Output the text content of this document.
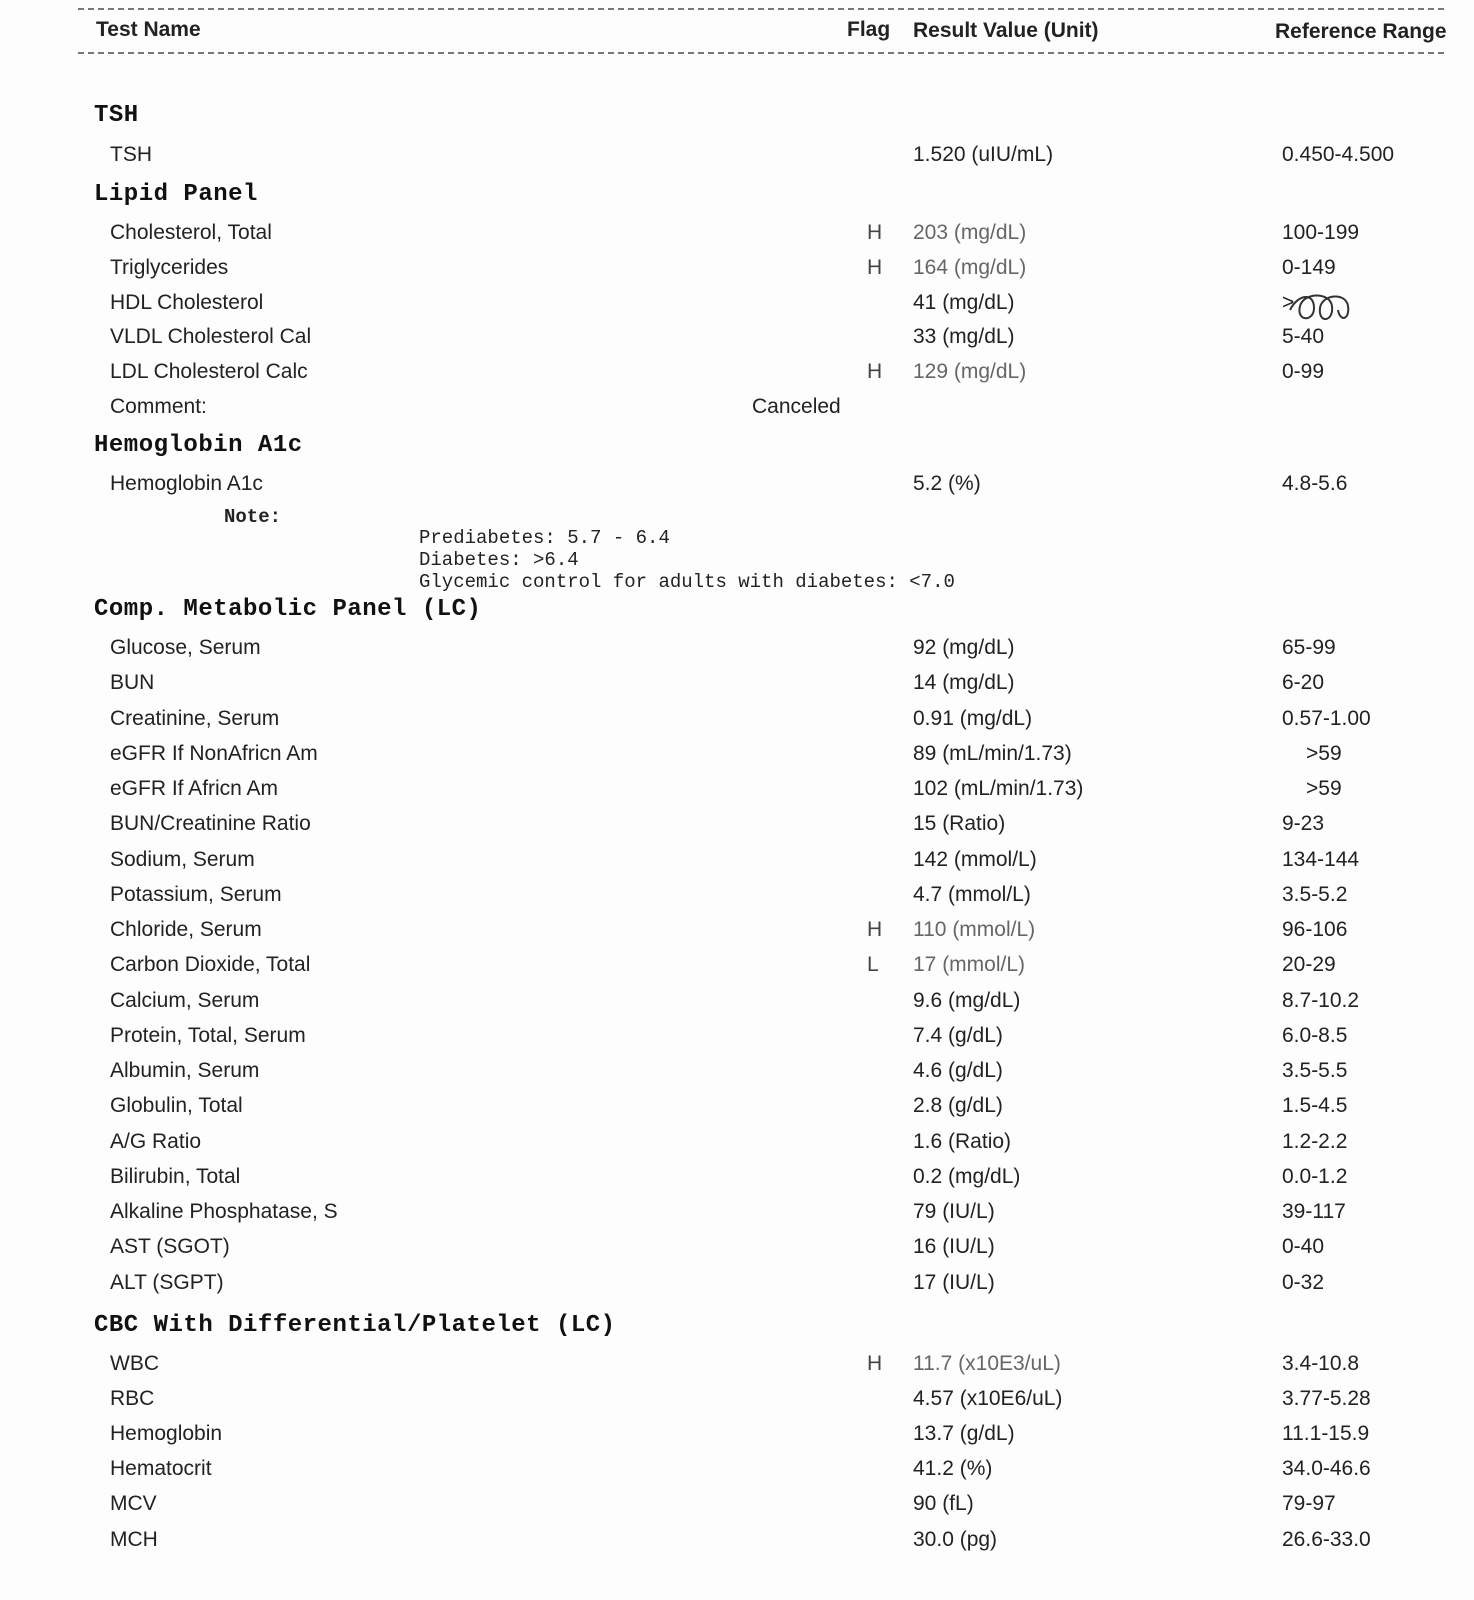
Test Name	Flag Result Value (Unit)	Reference Range
TSH
TSH	1.520 (uIU/mL)	0.450-4.500
Lipid Panel
Cholesterol, Total	H 203 (mg/dL)	100-199
Triglycerides	H 164 (mg/dL)	0-149
HDL Cholesterol	41 (mg/dL)	>
VLDL Cholesterol Cal	33 (mg/dL)	5-40
LDL Cholesterol Calc	H 129 (mg/dL)	0-99
Comment:	Canceled
Hemoglobin A1c
Hemoglobin A1c	5.2 (%)	4.8-5.6
Note:
Prediabetes: 5.7 - 6.4
Diabetes: >6.4
Glycemic control for adults with diabetes: <7.0
Comp. Metabolic Panel (LC)
Glucose, Serum	92 (mg/dL)	65-99
BUN	14 (mg/dL)	6-20
Creatinine, Serum	0.91 (mg/dL)	0.57-1.00
eGFR If NonAfricn Am	89 (mL/min/1.73)	>59
eGFR If Africn Am	102 (mL/min/1.73)	>59
BUN/Creatinine Ratio	15 (Ratio)	9-23
Sodium, Serum	142 (mmol/L)	134-144
Potassium, Serum	4.7 (mmol/L)	3.5-5.2
Chloride, Serum	H 110 (mmol/L)	96-106
Carbon Dioxide, Total	L 17 (mmol/L)	20-29
Calcium, Serum	9.6 (mg/dL)	8.7-10.2
Protein, Total, Serum	7.4 (g/dL)	6.0-8.5
Albumin, Serum	4.6 (g/dL)	3.5-5.5
Globulin, Total	2.8 (g/dL)	1.5-4.5
A/G Ratio	1.6 (Ratio)	1.2-2.2
Bilirubin, Total	0.2 (mg/dL)	0.0-1.2
Alkaline Phosphatase, S	79 (IU/L)	39-117
AST (SGOT)	16 (IU/L)	0-40
ALT (SGPT)	17 (IU/L)	0-32
CBC With Differential/Platelet (LC)
WBC	H 11.7 (x10E3/uL)	3.4-10.8
RBC	4.57 (x10E6/uL)	3.77-5.28
Hemoglobin	13.7 (g/dL)	11.1-15.9
Hematocrit	41.2 (%)	34.0-46.6
MCV	90 (fL)	79-97
MCH	30.0 (pg)	26.6-33.0
